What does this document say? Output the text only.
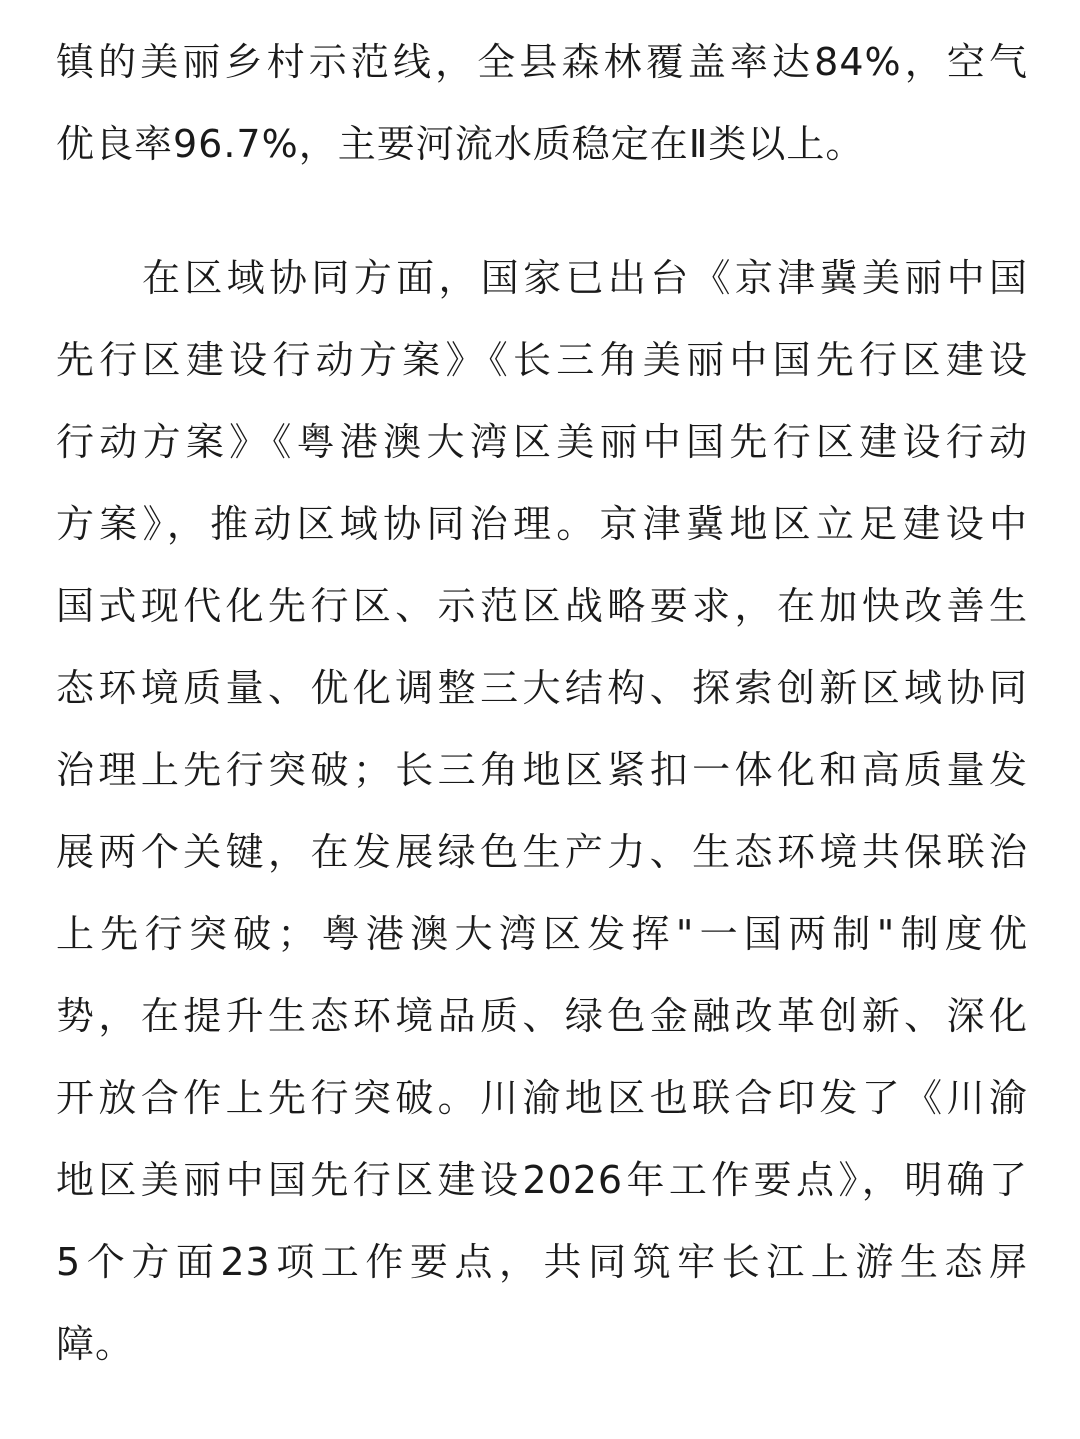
镇的美丽乡村示范线，全县森林覆盖率达84%，空气
优良率96.7%，主要河流水质稳定在Ⅱ类以上。
在区域协同方面，国家已出台《京津冀美丽中国
先行区建设行动方案》《长三角美丽中国先行区建设
行动方案》《粤港澳大湾区美丽中国先行区建设行动
方案》，推动区域协同治理。京津冀地区立足建设中
国式现代化先行区、示范区战略要求，在加快改善生
态环境质量、优化调整三大结构、探索创新区域协同
治理上先行突破；长三角地区紧扣一体化和高质量发
展两个关键，在发展绿色生产力、生态环境共保联治
上先行突破；粤港澳大湾区发挥"一国两制"制度优
势，在提升生态环境品质、绿色金融改革创新、深化
开放合作上先行突破。川渝地区也联合印发了《川渝
地区美丽中国先行区建设2026年工作要点》，明确了
5个方面23项工作要点，共同筑牢长江上游生态屏
障。
